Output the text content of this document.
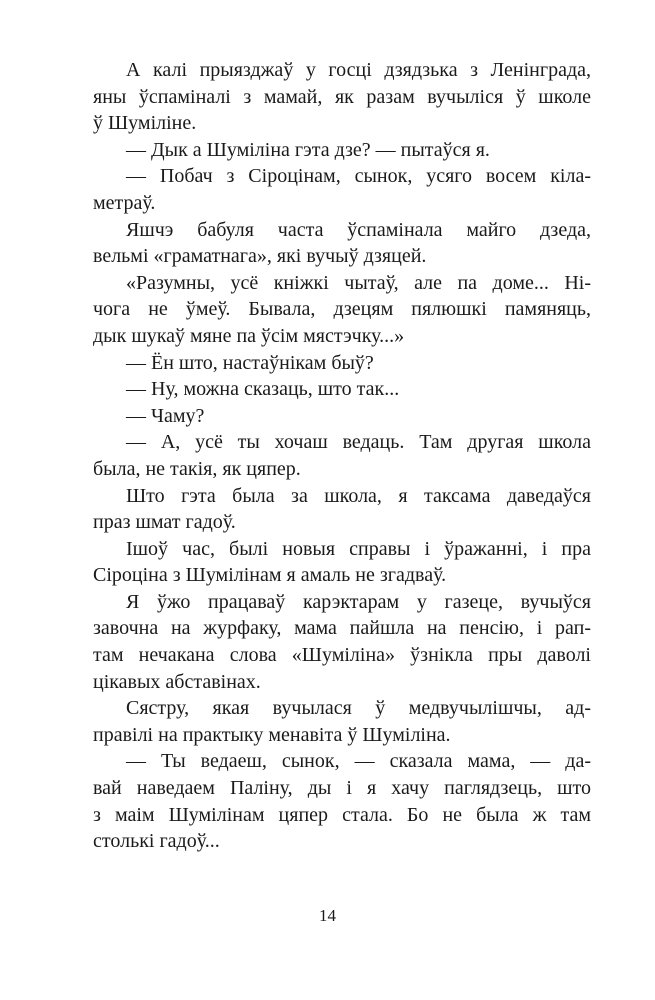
А калі прыязджаў у госці дзядзька з Ленінграда,
яны ўспаміналі з мамай, як разам вучыліся ў школе
ў Шуміліне.
— Дык а Шуміліна гэта дзе? — пытаўся я.
— Побач з Сіроцінам, сынок, усяго восем кіла-
метраў.
Яшчэ бабуля часта ўспамінала майго дзеда,
вельмі «граматнага», які вучыў дзяцей.
«Разумны, усё кніжкі чытаў, але па доме... Ні-
чога не ўмеў. Бывала, дзецям пялюшкі памяняць,
дык шукаў мяне па ўсім мястэчку...»
— Ён што, настаўнікам быў?
— Ну, можна сказаць, што так...
— Чаму?
— А, усё ты хочаш ведаць. Там другая школа
была, не такія, як цяпер.
Што гэта была за школа, я таксама даведаўся
праз шмат гадоў.
Ішоў час, былі новыя справы і ўражанні, і пра
Сіроціна з Шумілінам я амаль не згадваў.
Я ўжо працаваў карэктарам у газеце, вучыўся
завочна на журфаку, мама пайшла на пенсію, і рап-
там нечакана слова «Шуміліна» ўзнікла пры даволі
цікавых абставінах.
Сястру, якая вучылася ў медвучылішчы, ад-
правілі на практыку менавіта ў Шуміліна.
— Ты ведаеш, сынок, — сказала мама, — да-
вай наведаем Паліну, ды і я хачу паглядзець, што
з маім Шумілінам цяпер стала. Бо не была ж там
столькі гадоў...
14
